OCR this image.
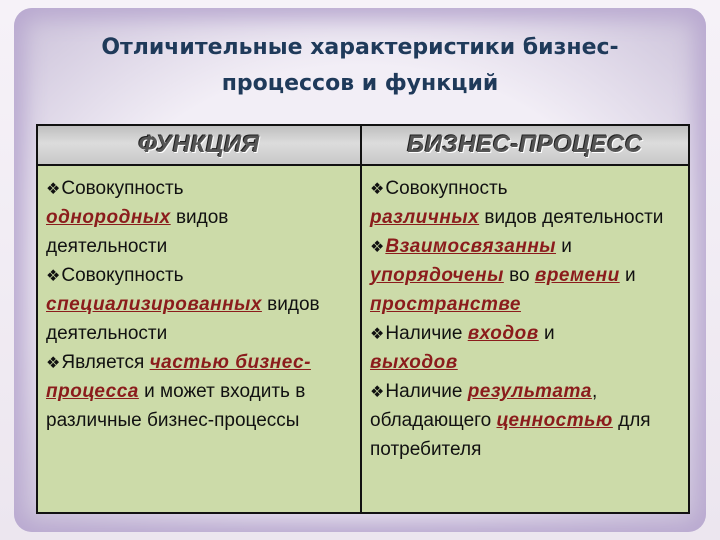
Отличительные характеристики бизнес-
процессов и функций
ФУНКЦИЯ	БИЗНЕС-ПРОЦЕСС
❖Совокупность
однородных видов деятельности
❖Совокупность
специализированных видов деятельности
❖Является частью бизнес-процесса и может входить в различные бизнес-процессы
❖Совокупность
различных видов деятельности
❖Взаимосвязанны и упорядочены во времени и пространстве
❖Наличие входов и
выходов
❖Наличие результата, обладающего ценностью для потребителя
